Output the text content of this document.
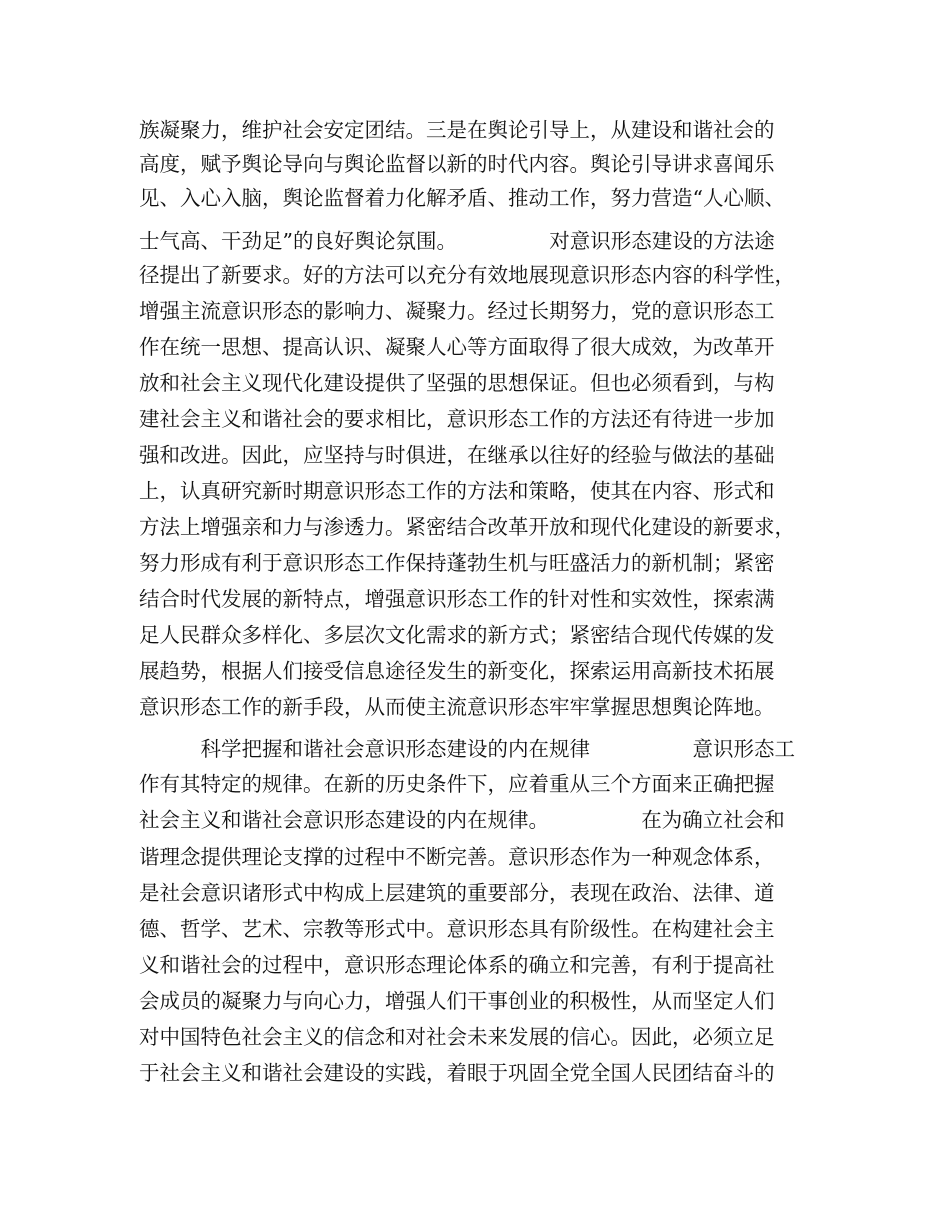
族凝聚力，维护社会安定团结。三是在舆论引导上，从建设和谐社会的
高度，赋予舆论导向与舆论监督以新的时代内容。舆论引导讲求喜闻乐
见、入心入脑，舆论监督着力化解矛盾、推动工作，努力营造“人心顺、
士气高、干劲足”的良好舆论氛围。　　　　　对意识形态建设的方法途
径提出了新要求。好的方法可以充分有效地展现意识形态内容的科学性，
增强主流意识形态的影响力、凝聚力。经过长期努力，党的意识形态工
作在统一思想、提高认识、凝聚人心等方面取得了很大成效，为改革开
放和社会主义现代化建设提供了坚强的思想保证。但也必须看到，与构
建社会主义和谐社会的要求相比，意识形态工作的方法还有待进一步加
强和改进。因此，应坚持与时俱进，在继承以往好的经验与做法的基础
上，认真研究新时期意识形态工作的方法和策略，使其在内容、形式和
方法上增强亲和力与渗透力。紧密结合改革开放和现代化建设的新要求，
努力形成有利于意识形态工作保持蓬勃生机与旺盛活力的新机制；紧密
结合时代发展的新特点，增强意识形态工作的针对性和实效性，探索满
足人民群众多样化、多层次文化需求的新方式；紧密结合现代传媒的发
展趋势，根据人们接受信息途径发生的新变化，探索运用高新技术拓展
意识形态工作的新手段，从而使主流意识形态牢牢掌握思想舆论阵地。
　　　科学把握和谐社会意识形态建设的内在规律　　　　　意识形态工
作有其特定的规律。在新的历史条件下，应着重从三个方面来正确把握
社会主义和谐社会意识形态建设的内在规律。　　　　　在为确立社会和
谐理念提供理论支撑的过程中不断完善。意识形态作为一种观念体系，
是社会意识诸形式中构成上层建筑的重要部分，表现在政治、法律、道
德、哲学、艺术、宗教等形式中。意识形态具有阶级性。在构建社会主
义和谐社会的过程中，意识形态理论体系的确立和完善，有利于提高社
会成员的凝聚力与向心力，增强人们干事创业的积极性，从而坚定人们
对中国特色社会主义的信念和对社会未来发展的信心。因此，必须立足
于社会主义和谐社会建设的实践，着眼于巩固全党全国人民团结奋斗的
